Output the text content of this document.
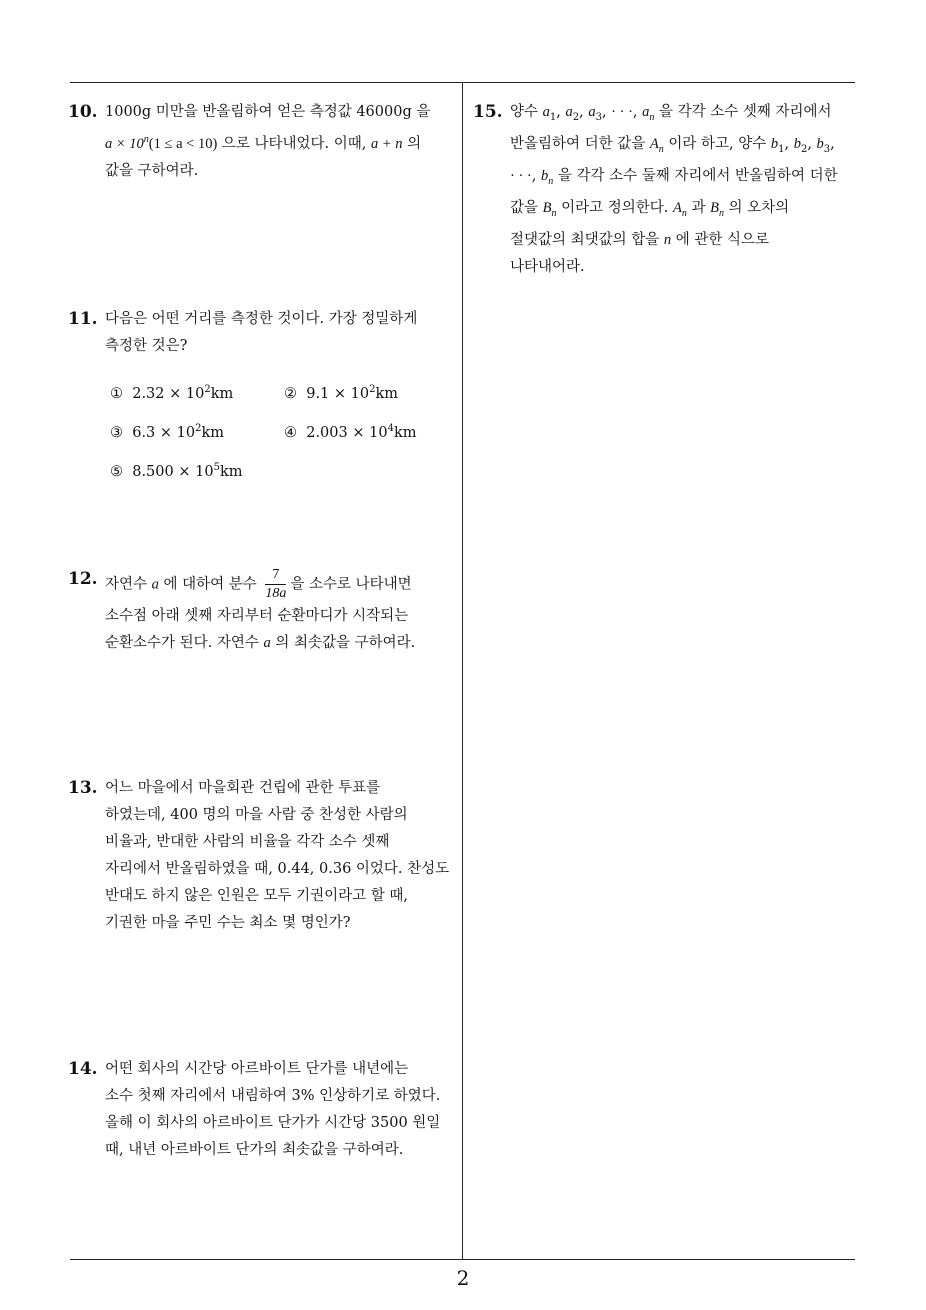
10. 1000g 미만을 반올림하여 얻은 측정값 46000g 을
$a \times 10^n(1 \le a < 10)$ 으로 나타내었다. 이때, a + n 의
값을 구하여라.
11. 다음은 어떤 거리를 측정한 것이다. 가장 정밀하게
측정한 것은?
① $2.32 \times 10^2km$	② $9.1 \times 10^2km$
③ $6.3 \times 10^2km$	④ $2.003 \times 10^4km$
⑤ $8.500 \times 10^5km$
12. 자연수 a 에 대하여 분수 $\frac{7}{18a}$ 을 소수로 나타내면
소수점 아래 셋째 자리부터 순환마디가 시작되는
순환소수가 된다. 자연수 a 의 최솟값을 구하여라.
13. 어느 마을에서 마을회관 건립에 관한 투표를
하였는데, 400 명의 마을 사람 중 찬성한 사람의
비율과, 반대한 사람의 비율을 각각 소수 셋째
자리에서 반올림하였을 때, 0.44, 0.36 이었다. 찬성도
반대도 하지 않은 인원은 모두 기권이라고 할 때,
기권한 마을 주민 수는 최소 몇 명인가?
14. 어떤 회사의 시간당 아르바이트 단가를 내년에는
소수 첫째 자리에서 내림하여 3% 인상하기로 하였다.
올해 이 회사의 아르바이트 단가가 시간당 3500 원일
때, 내년 아르바이트 단가의 최솟값을 구하여라.
15. 양수 $a_1$, $a_2$, $a_3$, · · ·, $a_n$ 을 각각 소수 셋째 자리에서
반올림하여 더한 값을 $A_n$ 이라 하고, 양수 $b_1$, $b_2$, $b_3$,
· · ·, $b_n$ 을 각각 소수 둘째 자리에서 반올림하여 더한
값을 $B_n$ 이라고 정의한다. $A_n$ 과 $B_n$ 의 오차의
절댓값의 최댓값의 합을 n 에 관한 식으로
나타내어라.
2
